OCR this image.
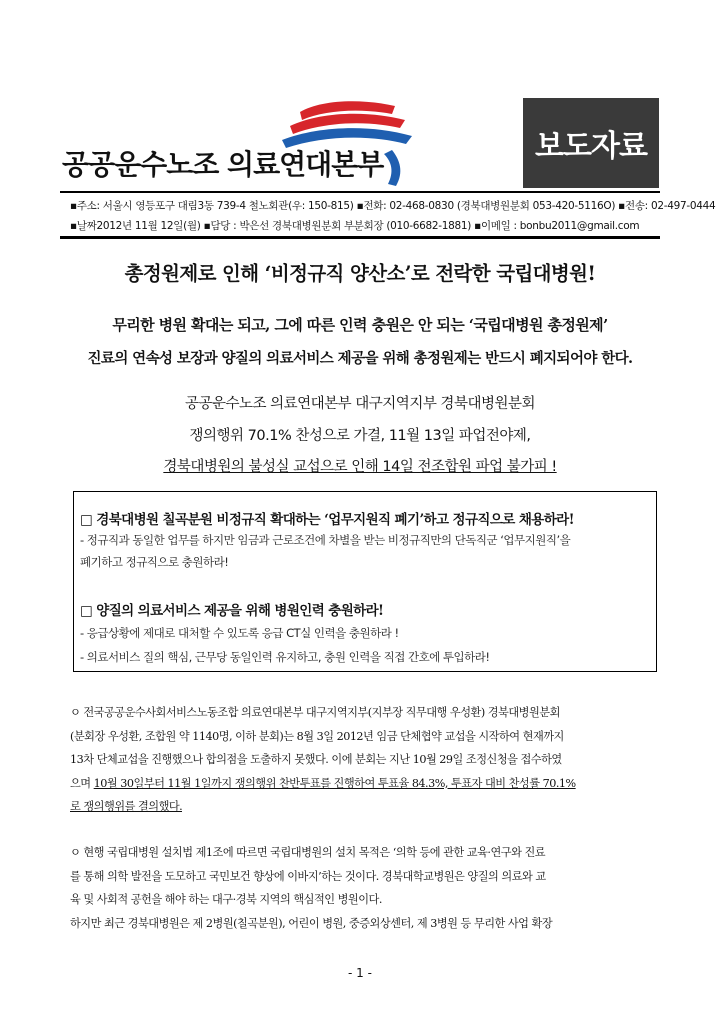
공공운수노조 의료연대본부
보도자료
▪주소: 서울시 영등포구 대림3동 739-4 철노회관(우: 150-815) ▪전화: 02-468-0830 (경북대병원분회 053-420-5116O) ▪전송: 02-497-0444
▪날짜2012년 11월 12일(월) ▪담당 : 박은선 경북대병원분회 부분회장 (010-6682-1881) ▪이메일 : bonbu2011@gmail.com
총정원제로 인해 ‘비정규직 양산소’로 전락한 국립대병원!
무리한 병원 확대는 되고, 그에 따른 인력 충원은 안 되는 ‘국립대병원 총정원제’
진료의 연속성 보장과 양질의 의료서비스 제공을 위해 총정원제는 반드시 폐지되어야 한다.
공공운수노조 의료연대본부 대구지역지부 경북대병원분회
쟁의행위 70.1% 찬성으로 가결, 11월 13일 파업전야제,
경북대병원의 불성실 교섭으로 인해 14일 전조합원 파업 불가피 !
□ 경북대병원 칠곡분원 비정규직 확대하는 ‘업무지원직 폐기’하고 정규직으로 채용하라!
- 정규직과 동일한 업무를 하지만 임금과 근로조건에 차별을 받는 비정규직만의 단독직군 ‘업무지원직’을
폐기하고 정규직으로 충원하라!
□ 양질의 의료서비스 제공을 위해 병원인력 충원하라!
- 응급상황에 제대로 대처할 수 있도록 응급 CT실 인력을 충원하라 !
- 의료서비스 질의 핵심, 근무당 동일인력 유지하고, 충원 인력을 직접 간호에 투입하라!
ㅇ 전국공공운수사회서비스노동조합 의료연대본부 대구지역지부(지부장 직무대행 우성환) 경북대병원분회
(분회장 우성환, 조합원 약 1140명, 이하 분회)는 8월 3일 2012년 임금 단체협약 교섭을 시작하여 현재까지
13차 단체교섭을 진행했으나 합의점을 도출하지 못했다. 이에 분회는 지난 10월 29일 조정신청을 접수하였
으며 10월 30일부터 11월 1일까지 쟁의행위 찬반투표를 진행하여 투표율 84.3%, 투표자 대비 찬성률 70.1%
로 쟁의행위를 결의했다.
ㅇ 현행 국립대병원 설치법 제1조에 따르면 국립대병원의 설치 목적은 ‘의학 등에 관한 교육·연구와 진료
를 통해 의학 발전을 도모하고 국민보건 향상에 이바지’하는 것이다. 경북대학교병원은 양질의 의료와 교
육 및 사회적 공헌을 해야 하는 대구·경북 지역의 핵심적인 병원이다.
하지만 최근 경북대병원은 제 2병원(칠곡분원), 어린이 병원, 중증외상센터, 제 3병원 등 무리한 사업 확장
- 1 -
